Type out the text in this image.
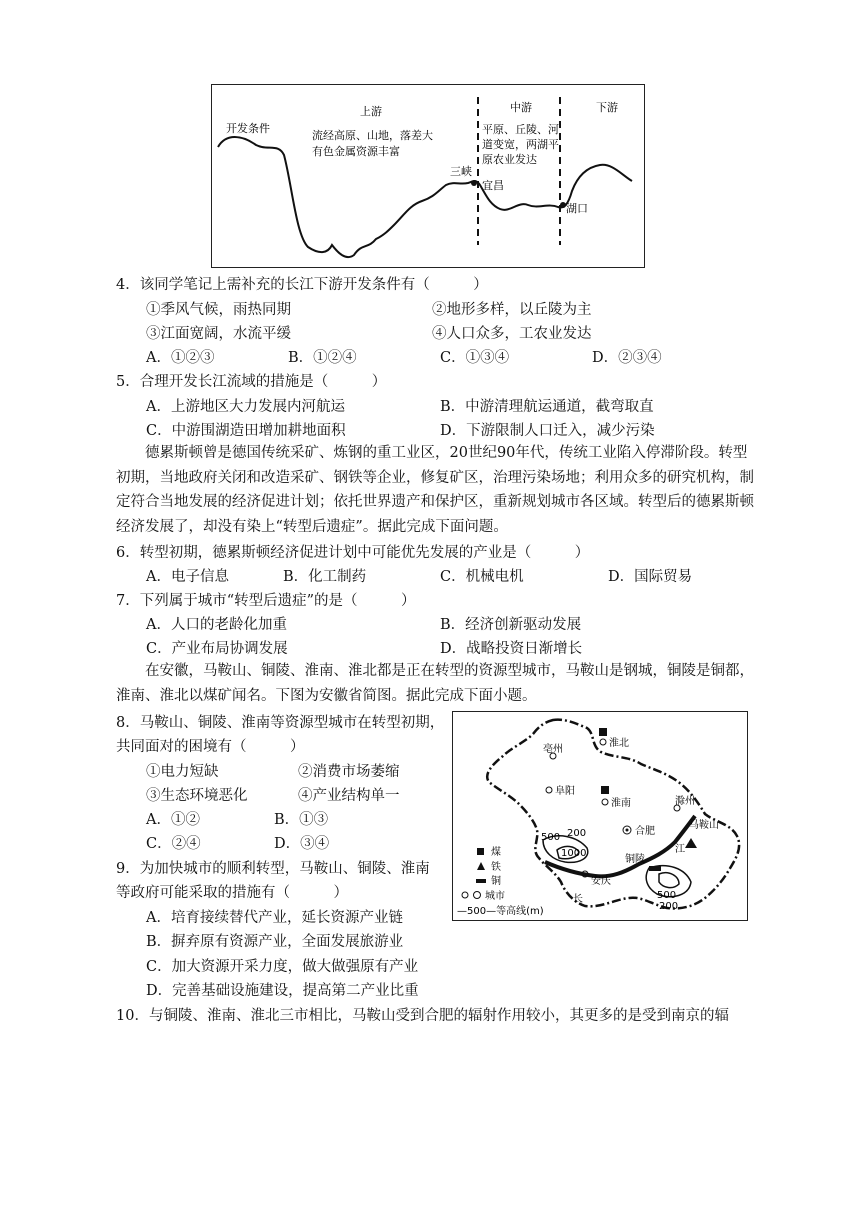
开发条件
上游	中游	下游
流经高原、山地，落差大
有色金属资源丰富
平原、丘陵、河
道变宽，两湖平
原农业发达
三峡
宜昌
湖口
4．该同学笔记上需补充的长江下游开发条件有（　　　）
①季风气候，雨热同期	②地形多样，以丘陵为主
③江面宽阔，水流平缓	④人口众多，工农业发达
A．①②③	B．①②④	C．①③④	D．②③④
5．合理开发长江流域的措施是（　　　）
A．上游地区大力发展内河航运	B．中游清理航运通道，截弯取直
C．中游围湖造田增加耕地面积	D．下游限制人口迁入，减少污染
德累斯顿曾是德国传统采矿、炼钢的重工业区，20世纪90年代，传统工业陷入停滞阶段。转型初期，当地政府关闭和改造采矿、钢铁等企业，修复矿区，治理污染场地；利用众多的研究机构，制定符合当地发展的经济促进计划；依托世界遗产和保护区，重新规划城市各区域。转型后的德累斯顿经济发展了，却没有染上“转型后遗症”。据此完成下面问题。
6．转型初期，德累斯顿经济促进计划中可能优先发展的产业是（　　　）
A．电子信息	B．化工制药	C．机械电机	D．国际贸易
7．下列属于城市“转型后遗症”的是（　　　）
A．人口的老龄化加重	B．经济创新驱动发展
C．产业布局协调发展	D．战略投资日渐增长
在安徽，马鞍山、铜陵、淮南、淮北都是正在转型的资源型城市，马鞍山是钢城，铜陵是铜都，淮南、淮北以煤矿闻名。下图为安徽省简图。据此完成下面小题。
8．马鞍山、铜陵、淮南等资源型城市在转型初期，
共同面对的困境有（　　　）
①电力短缺	②消费市场萎缩
③生态环境恶化	④产业结构单一
A．①②	B．①③
C．②④	D．③④
9．为加快城市的顺利转型，马鞍山、铜陵、淮南
等政府可能采取的措施有（　　　）
A．培育接续替代产业，延长资源产业链
B．摒弃原有资源产业，全面发展旅游业
C．加大资源开采力度，做大做强原有产业
D．完善基础设施建设，提高第二产业比重
10．与铜陵、淮南、淮北三市相比，马鞍山受到合肥的辐射作用较小，其更多的是受到南京的辐
淮北
亳州
阜阳
淮南	滁州
合肥
马鞍山
江
铜陵
安庆
长
500 200
1000
500
200
煤
铁
铜
城市
—500—等高线(m)
